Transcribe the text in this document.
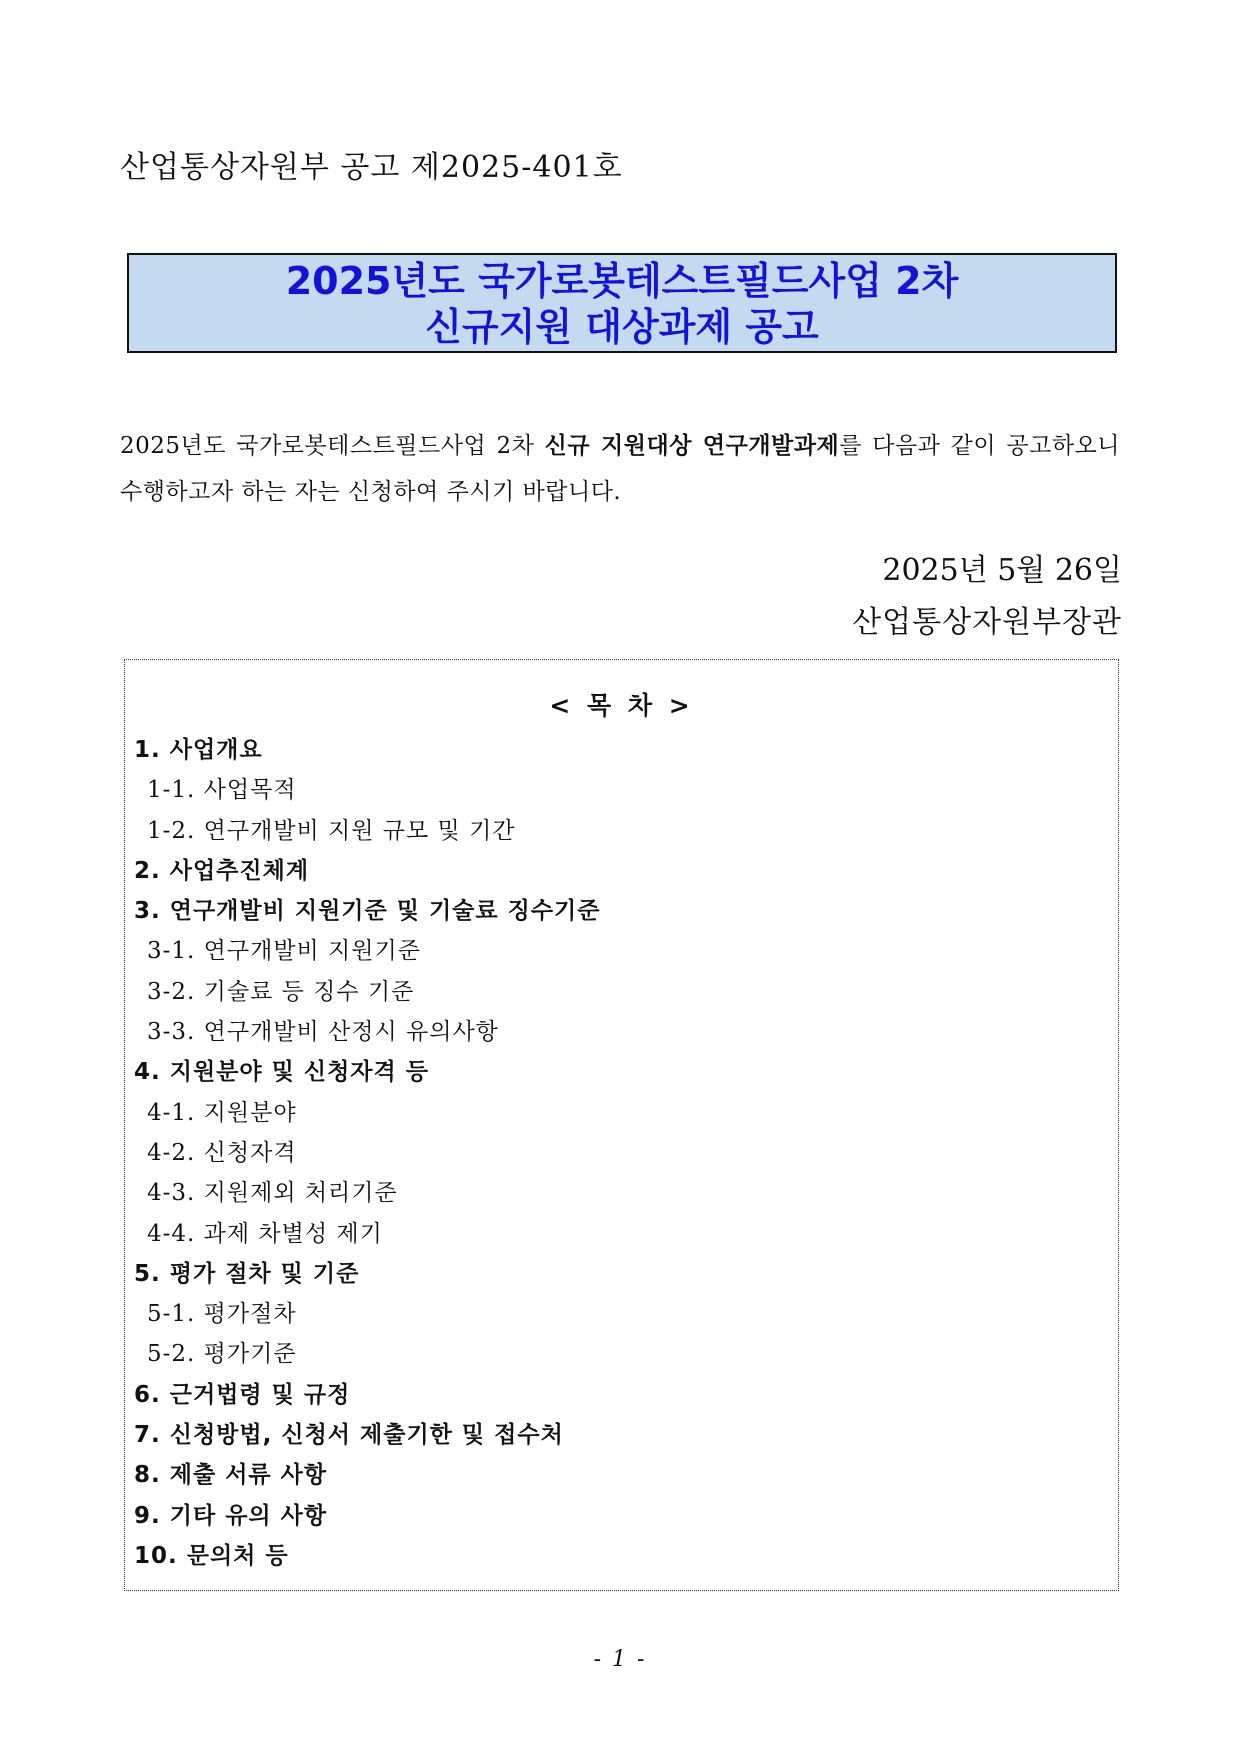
산업통상자원부 공고 제2025-401호
2025년도 국가로봇테스트필드사업 2차
신규지원 대상과제 공고
2025년도 국가로봇테스트필드사업 2차 신규 지원대상 연구개발과제를 다음과 같이 공고하오니 수행하고자 하는 자는 신청하여 주시기 바랍니다.
2025년 5월 26일
산업통상자원부장관
< 목 차 >
1. 사업개요
1-1. 사업목적
1-2. 연구개발비 지원 규모 및 기간
2. 사업추진체계
3. 연구개발비 지원기준 및 기술료 징수기준
3-1. 연구개발비 지원기준
3-2. 기술료 등 징수 기준
3-3. 연구개발비 산정시 유의사항
4. 지원분야 및 신청자격 등
4-1. 지원분야
4-2. 신청자격
4-3. 지원제외 처리기준
4-4. 과제 차별성 제기
5. 평가 절차 및 기준
5-1. 평가절차
5-2. 평가기준
6. 근거법령 및 규정
7. 신청방법, 신청서 제출기한 및 접수처
8. 제출 서류 사항
9. 기타 유의 사항
10. 문의처 등
- 1 -
